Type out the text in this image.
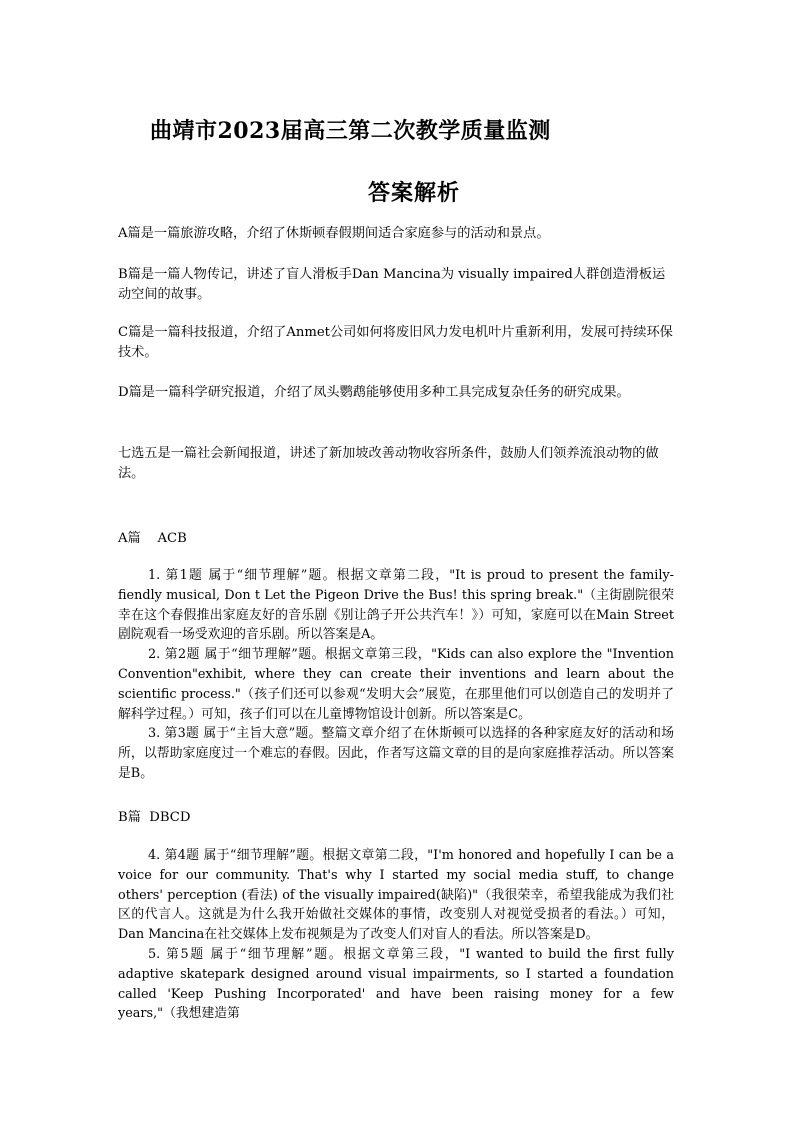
曲靖市2023届高三第二次教学质量监测
答案解析
A篇是一篇旅游攻略，介绍了休斯顿春假期间适合家庭参与的活动和景点。
B篇是一篇人物传记，讲述了盲人滑板手Dan Mancina为 visually impaired人群创造滑板运动空间的故事。
C篇是一篇科技报道，介绍了Anmet公司如何将废旧风力发电机叶片重新利用，发展可持续环保技术。
D篇是一篇科学研究报道，介绍了凤头鹦鹉能够使用多种工具完成复杂任务的研究成果。
七选五是一篇社会新闻报道，讲述了新加坡改善动物收容所条件，鼓励人们领养流浪动物的做法。
A篇    ACB

1. 第1题 属于“细节理解”题。根据文章第二段，"It is proud to present the family-fiendly musical, Don t Let the Pigeon Drive the Bus! this spring break."（主街剧院很荣幸在这个春假推出家庭友好的音乐剧《别让鸽子开公共汽车！》）可知，家庭可以在Main Street剧院观看一场受欢迎的音乐剧。所以答案是A。

2. 第2题 属于“细节理解”题。根据文章第三段，"Kids can also explore the "Invention Convention"exhibit, where they can create their inventions and learn about the scientific process."（孩子们还可以参观“发明大会”展览，在那里他们可以创造自己的发明并了解科学过程。）可知，孩子们可以在儿童博物馆设计创新。所以答案是C。

3. 第3题 属于“主旨大意”题。整篇文章介绍了在休斯顿可以选择的各种家庭友好的活动和场所，以帮助家庭度过一个难忘的春假。因此，作者写这篇文章的目的是向家庭推荐活动。所以答案是B。

B篇  DBCD

4. 第4题 属于“细节理解”题。根据文章第二段，"I'm honored and hopefully I can be a voice for our community. That's why I started my social media stuff, to change others' perception (看法) of the visually impaired(缺陷)"（我很荣幸，希望我能成为我们社区的代言人。这就是为什么我开始做社交媒体的事情，改变别人对视觉受损者的看法。）可知，Dan Mancina在社交媒体上发布视频是为了改变人们对盲人的看法。所以答案是D。

5. 第5题 属于“细节理解”题。根据文章第三段，"I wanted to build the first fully adaptive skatepark designed around visual impairments, so I started a foundation called 'Keep Pushing Incorporated' and have been raising money for a few years,"（我想建造第
